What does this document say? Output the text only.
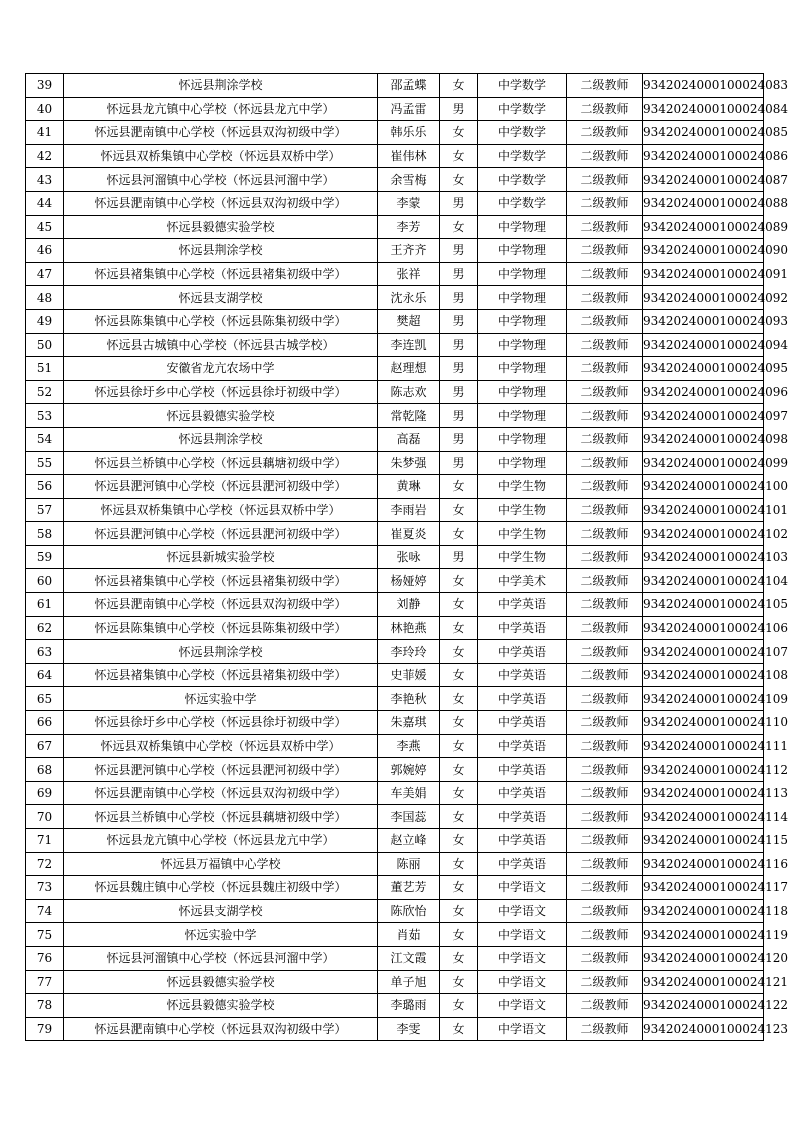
39	怀远县荆涂学校	邵孟蝶	女	中学数学	二级教师	9342024000100024083
40	怀远县龙亢镇中心学校（怀远县龙亢中学）	冯孟雷	男	中学数学	二级教师	9342024000100024084
41	怀远县淝南镇中心学校（怀远县双沟初级中学）	韩乐乐	女	中学数学	二级教师	9342024000100024085
42	怀远县双桥集镇中心学校（怀远县双桥中学）	崔伟林	女	中学数学	二级教师	9342024000100024086
43	怀远县河溜镇中心学校（怀远县河溜中学）	余雪梅	女	中学数学	二级教师	9342024000100024087
44	怀远县淝南镇中心学校（怀远县双沟初级中学）	李蒙	男	中学数学	二级教师	9342024000100024088
45	怀远县毅德实验学校	李芳	女	中学物理	二级教师	9342024000100024089
46	怀远县荆涂学校	王齐齐	男	中学物理	二级教师	9342024000100024090
47	怀远县褚集镇中心学校（怀远县褚集初级中学）	张祥	男	中学物理	二级教师	9342024000100024091
48	怀远县支湖学校	沈永乐	男	中学物理	二级教师	9342024000100024092
49	怀远县陈集镇中心学校（怀远县陈集初级中学）	樊超	男	中学物理	二级教师	9342024000100024093
50	怀远县古城镇中心学校（怀远县古城学校）	李连凯	男	中学物理	二级教师	9342024000100024094
51	安徽省龙亢农场中学	赵理想	男	中学物理	二级教师	9342024000100024095
52	怀远县徐圩乡中心学校（怀远县徐圩初级中学）	陈志欢	男	中学物理	二级教师	9342024000100024096
53	怀远县毅德实验学校	常乾隆	男	中学物理	二级教师	9342024000100024097
54	怀远县荆涂学校	高磊	男	中学物理	二级教师	9342024000100024098
55	怀远县兰桥镇中心学校（怀远县藕塘初级中学）	朱梦强	男	中学物理	二级教师	9342024000100024099
56	怀远县淝河镇中心学校（怀远县淝河初级中学）	黄琳	女	中学生物	二级教师	9342024000100024100
57	怀远县双桥集镇中心学校（怀远县双桥中学）	李雨岩	女	中学生物	二级教师	9342024000100024101
58	怀远县淝河镇中心学校（怀远县淝河初级中学）	崔夏炎	女	中学生物	二级教师	9342024000100024102
59	怀远县新城实验学校	张咏	男	中学生物	二级教师	9342024000100024103
60	怀远县褚集镇中心学校（怀远县褚集初级中学）	杨娅婷	女	中学美术	二级教师	9342024000100024104
61	怀远县淝南镇中心学校（怀远县双沟初级中学）	刘静	女	中学英语	二级教师	9342024000100024105
62	怀远县陈集镇中心学校（怀远县陈集初级中学）	林艳燕	女	中学英语	二级教师	9342024000100024106
63	怀远县荆涂学校	李玲玲	女	中学英语	二级教师	9342024000100024107
64	怀远县褚集镇中心学校（怀远县褚集初级中学）	史菲媛	女	中学英语	二级教师	9342024000100024108
65	怀远实验中学	李艳秋	女	中学英语	二级教师	9342024000100024109
66	怀远县徐圩乡中心学校（怀远县徐圩初级中学）	朱嘉琪	女	中学英语	二级教师	9342024000100024110
67	怀远县双桥集镇中心学校（怀远县双桥中学）	李燕	女	中学英语	二级教师	9342024000100024111
68	怀远县淝河镇中心学校（怀远县淝河初级中学）	郭婉婷	女	中学英语	二级教师	9342024000100024112
69	怀远县淝南镇中心学校（怀远县双沟初级中学）	车美娟	女	中学英语	二级教师	9342024000100024113
70	怀远县兰桥镇中心学校（怀远县藕塘初级中学）	李国蕊	女	中学英语	二级教师	9342024000100024114
71	怀远县龙亢镇中心学校（怀远县龙亢中学）	赵立峰	女	中学英语	二级教师	9342024000100024115
72	怀远县万福镇中心学校	陈丽	女	中学英语	二级教师	9342024000100024116
73	怀远县魏庄镇中心学校（怀远县魏庄初级中学）	董艺芳	女	中学语文	二级教师	9342024000100024117
74	怀远县支湖学校	陈欣怡	女	中学语文	二级教师	9342024000100024118
75	怀远实验中学	肖茹	女	中学语文	二级教师	9342024000100024119
76	怀远县河溜镇中心学校（怀远县河溜中学）	江文霞	女	中学语文	二级教师	9342024000100024120
77	怀远县毅德实验学校	单子旭	女	中学语文	二级教师	9342024000100024121
78	怀远县毅德实验学校	李璐雨	女	中学语文	二级教师	9342024000100024122
79	怀远县淝南镇中心学校（怀远县双沟初级中学）	李雯	女	中学语文	二级教师	9342024000100024123
